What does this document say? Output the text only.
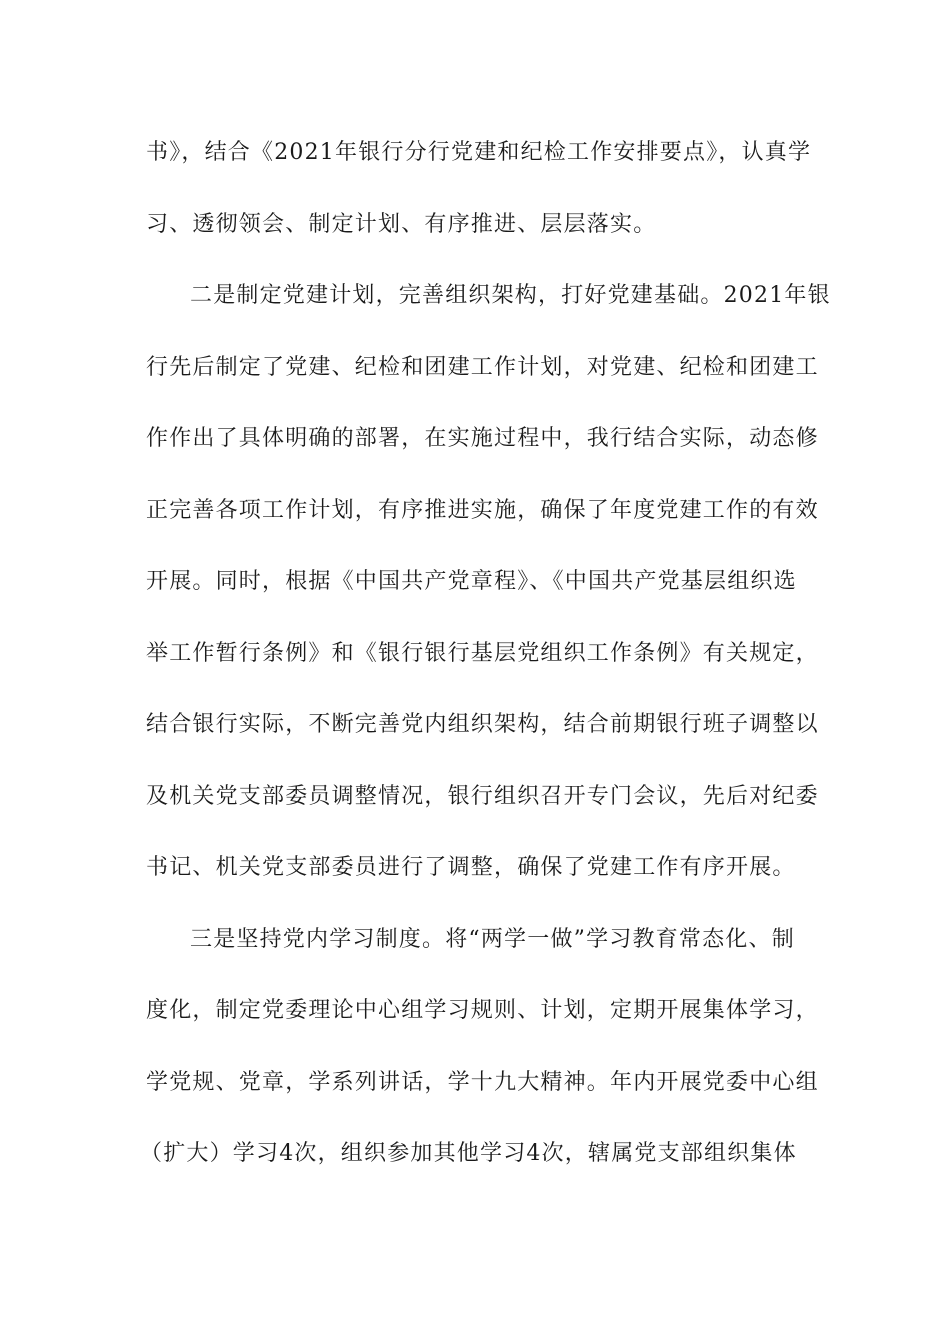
书》，结合《2021年银行分行党建和纪检工作安排要点》，认真学
习、透彻领会、制定计划、有序推进、层层落实。
二是制定党建计划，完善组织架构，打好党建基础。2021年银
行先后制定了党建、纪检和团建工作计划，对党建、纪检和团建工
作作出了具体明确的部署，在实施过程中，我行结合实际，动态修
正完善各项工作计划，有序推进实施，确保了年度党建工作的有效
开展。同时，根据《中国共产党章程》、《中国共产党基层组织选
举工作暂行条例》和《银行银行基层党组织工作条例》有关规定，
结合银行实际，不断完善党内组织架构，结合前期银行班子调整以
及机关党支部委员调整情况，银行组织召开专门会议，先后对纪委
书记、机关党支部委员进行了调整，确保了党建工作有序开展。
三是坚持党内学习制度。将“两学一做”学习教育常态化、制
度化，制定党委理论中心组学习规则、计划，定期开展集体学习，
学党规、党章，学系列讲话，学十九大精神。年内开展党委中心组
（扩大）学习4次，组织参加其他学习4次，辖属党支部组织集体
